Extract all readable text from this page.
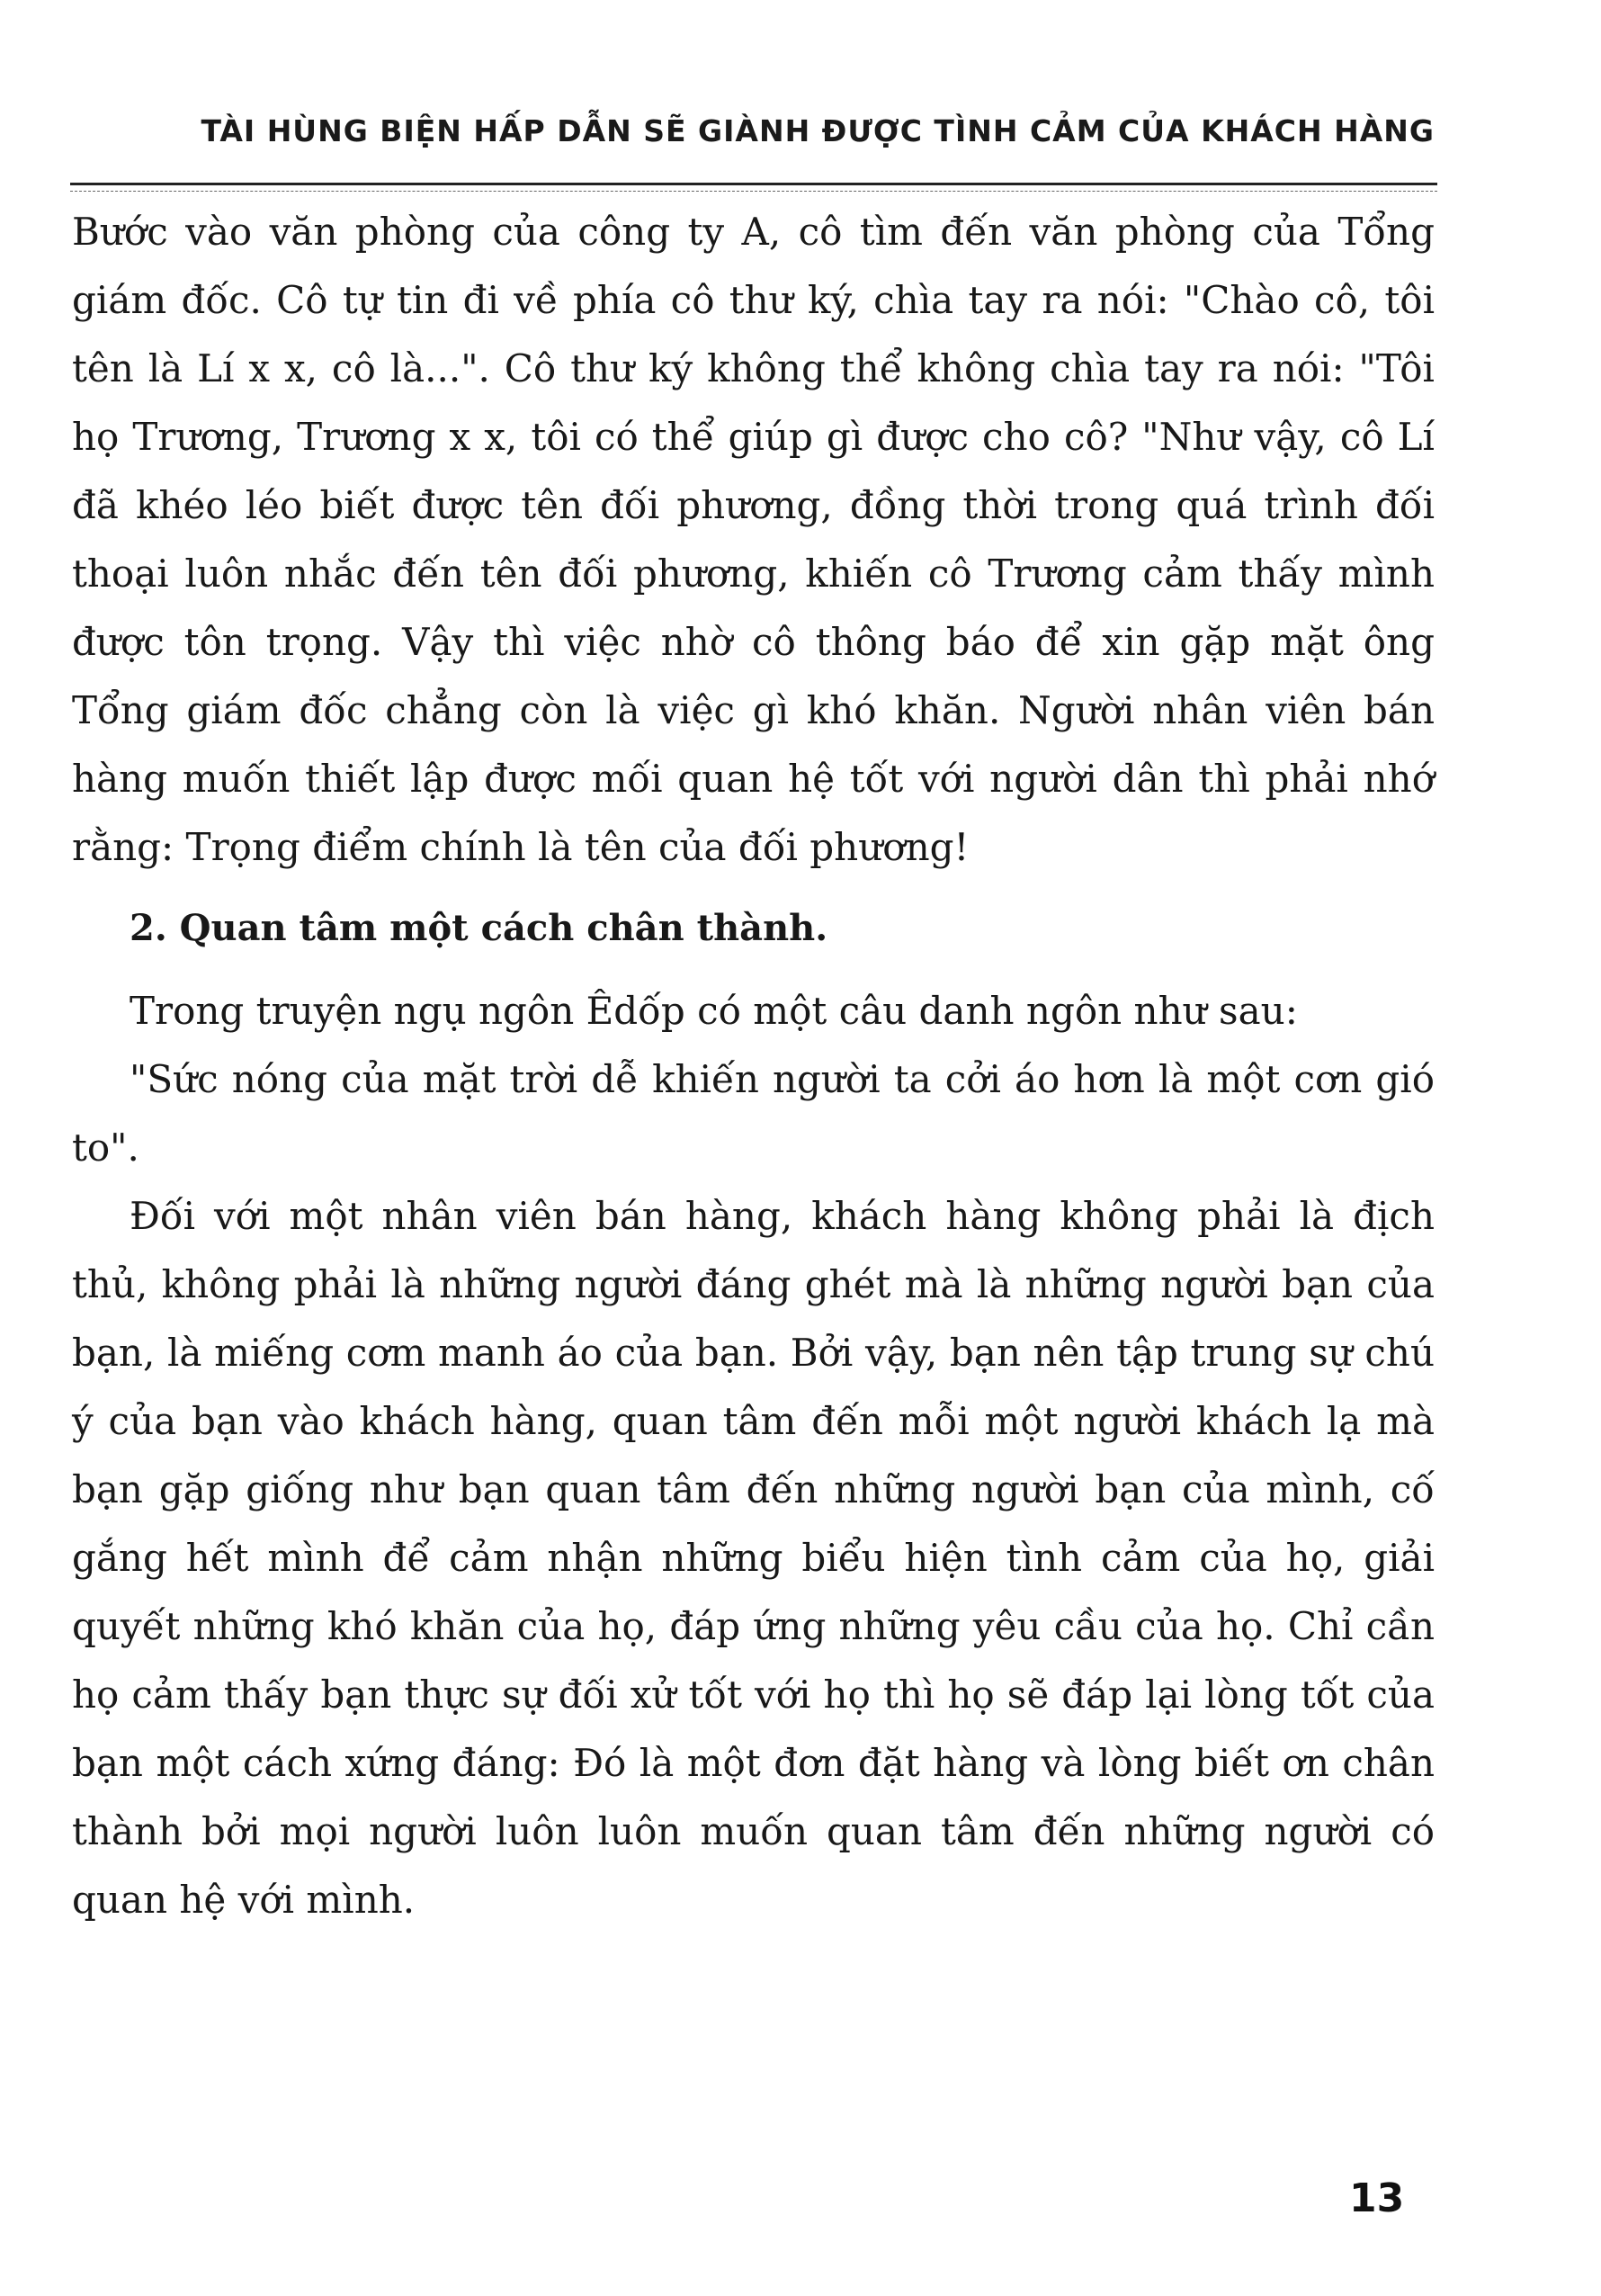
TÀI HÙNG BIỆN HẤP DẪN SẼ GIÀNH ĐƯỢC TÌNH CẢM CỦA KHÁCH HÀNG

Bước vào văn phòng của công ty A, cô tìm đến văn phòng của Tổng giám đốc. Cô tự tin đi về phía cô thư ký, chìa tay ra nói: "Chào cô, tôi tên là Lí x x, cô là...". Cô thư ký không thể không chìa tay ra nói: "Tôi họ Trương, Trương x x, tôi có thể giúp gì được cho cô? "Như vậy, cô Lí đã khéo léo biết được tên đối phương, đồng thời trong quá trình đối thoại luôn nhắc đến tên đối phương, khiến cô Trương cảm thấy mình được tôn trọng. Vậy thì việc nhờ cô thông báo để xin gặp mặt ông Tổng giám đốc chẳng còn là việc gì khó khăn. Người nhân viên bán hàng muốn thiết lập được mối quan hệ tốt với người dân thì phải nhớ rằng: Trọng điểm chính là tên của đối phương!

2. Quan tâm một cách chân thành.

Trong truyện ngụ ngôn Êdốp có một câu danh ngôn như sau:

"Sức nóng của mặt trời dễ khiến người ta cởi áo hơn là một cơn gió to".

Đối với một nhân viên bán hàng, khách hàng không phải là địch thủ, không phải là những người đáng ghét mà là những người bạn của bạn, là miếng cơm manh áo của bạn. Bởi vậy, bạn nên tập trung sự chú ý của bạn vào khách hàng, quan tâm đến mỗi một người khách lạ mà bạn gặp giống như bạn quan tâm đến những người bạn của mình, cố gắng hết mình để cảm nhận những biểu hiện tình cảm của họ, giải quyết những khó khăn của họ, đáp ứng những yêu cầu của họ. Chỉ cần họ cảm thấy bạn thực sự đối xử tốt với họ thì họ sẽ đáp lại lòng tốt của bạn một cách xứng đáng: Đó là một đơn đặt hàng và lòng biết ơn chân thành bởi mọi người luôn luôn muốn quan tâm đến những người có quan hệ với mình.

13
